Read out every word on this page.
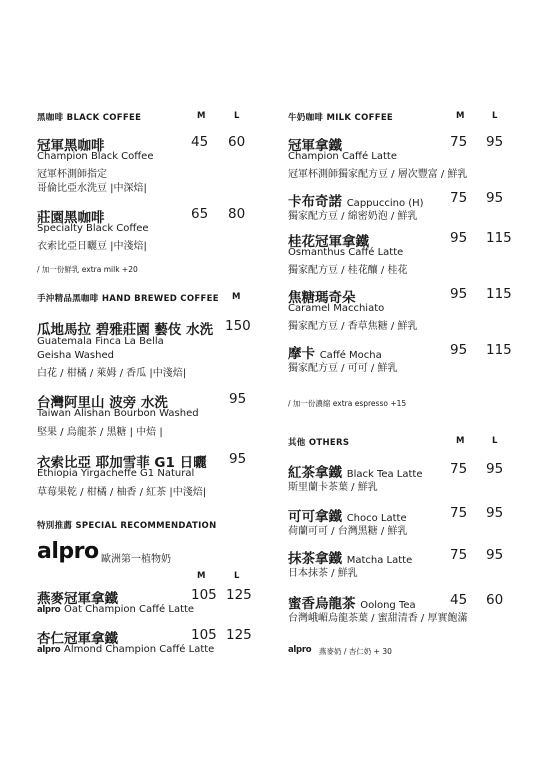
黑咖啡 BLACK COFFEE	M	L
冠軍黑咖啡	45 60
Champion Black Coffee
冠軍杯測師指定
哥倫比亞水洗豆 |中深焙|
莊園黑咖啡	65 80
Specialty Black Coffee
衣索比亞日曬豆 |中淺焙|
/ 加一份鮮乳 extra milk +20
手沖精品黑咖啡 HAND BREWED COFFEE M
瓜地馬拉 碧雅莊園 藝伎 水洗 150
Guatemala Finca La Bella
Geisha Washed
白花 / 柑橘 / 萊姆 / 香瓜 |中淺焙|
台灣阿里山 波旁 水洗	95
Taiwan Alishan Bourbon Washed
堅果 / 烏龍茶 / 黑糖 | 中焙 |
衣索比亞 耶加雪菲 G1 日曬 95
Ethiopia Yirgacheffe G1 Natural
草莓果乾 / 柑橘 / 柚香 / 紅茶 |中淺焙|
特別推薦 SPECIAL RECOMMENDATION
alpro 歐洲第一植物奶
M	L
燕麥冠軍拿鐵	105 125
alpro Oat Champion Caffé Latte
杏仁冠軍拿鐵	105 125
alpro Almond Champion Caffé Latte
牛奶咖啡 MILK COFFEE	M	L
冠軍拿鐵	75 95
Champion Caffé Latte
冠軍杯測師獨家配方豆 / 層次豐富 / 鮮乳
卡布奇諾 Cappuccino (H) 75 95
獨家配方豆 / 綿密奶泡 / 鮮乳
桂花冠軍拿鐵	95 115
Osmanthus Caffé Latte
獨家配方豆 / 桂花釀 / 桂花
焦糖瑪奇朵	95 115
Caramel Macchiato
獨家配方豆 / 香草焦糖 / 鮮乳
摩卡 Caffé Mocha	95 115
獨家配方豆 / 可可 / 鮮乳
/ 加一份濃縮 extra espresso +15
其他 OTHERS	M	L
紅茶拿鐵 Black Tea Latte 75 95
斯里蘭卡茶葉 / 鮮乳
可可拿鐵 Choco Latte	75 95
荷蘭可可 / 台灣黑糖 / 鮮乳
抹茶拿鐵 Matcha Latte	75 95
日本抹茶 / 鮮乳
蜜香烏龍茶 Oolong Tea	45 60
台灣峨嵋烏龍茶葉 / 蜜甜清香 / 厚實飽滿
alpro 燕麥奶 / 杏仁奶 + 30
